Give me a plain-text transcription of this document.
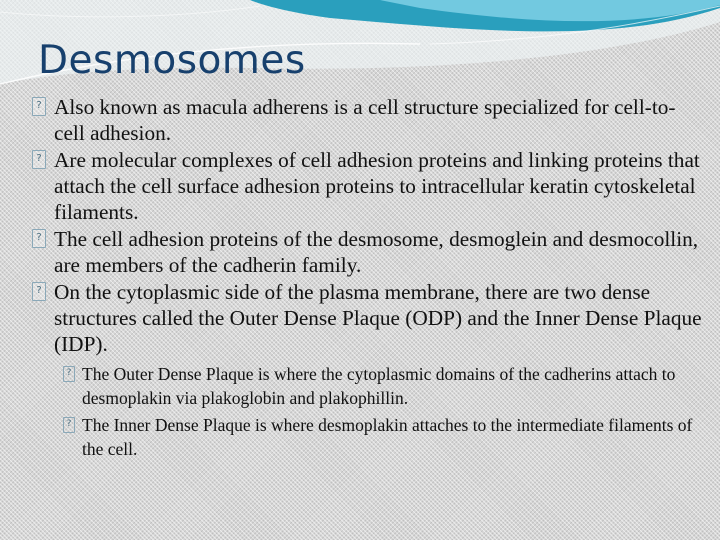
Desmosomes

? Also known as macula adherens is a cell structure specialized for cell-to-cell adhesion.

? Are molecular complexes of cell adhesion proteins and linking proteins that attach the cell surface adhesion proteins to intracellular keratin cytoskeletal filaments.

? The cell adhesion proteins of the desmosome, desmoglein and desmocollin, are members of the cadherin family.

? On the cytoplasmic side of the plasma membrane, there are two dense structures called the Outer Dense Plaque (ODP) and the Inner Dense Plaque (IDP).

? The Outer Dense Plaque is where the cytoplasmic domains of the cadherins attach to desmoplakin via plakoglobin and plakophillin.

? The Inner Dense Plaque is where desmoplakin attaches to the intermediate filaments of the cell.
